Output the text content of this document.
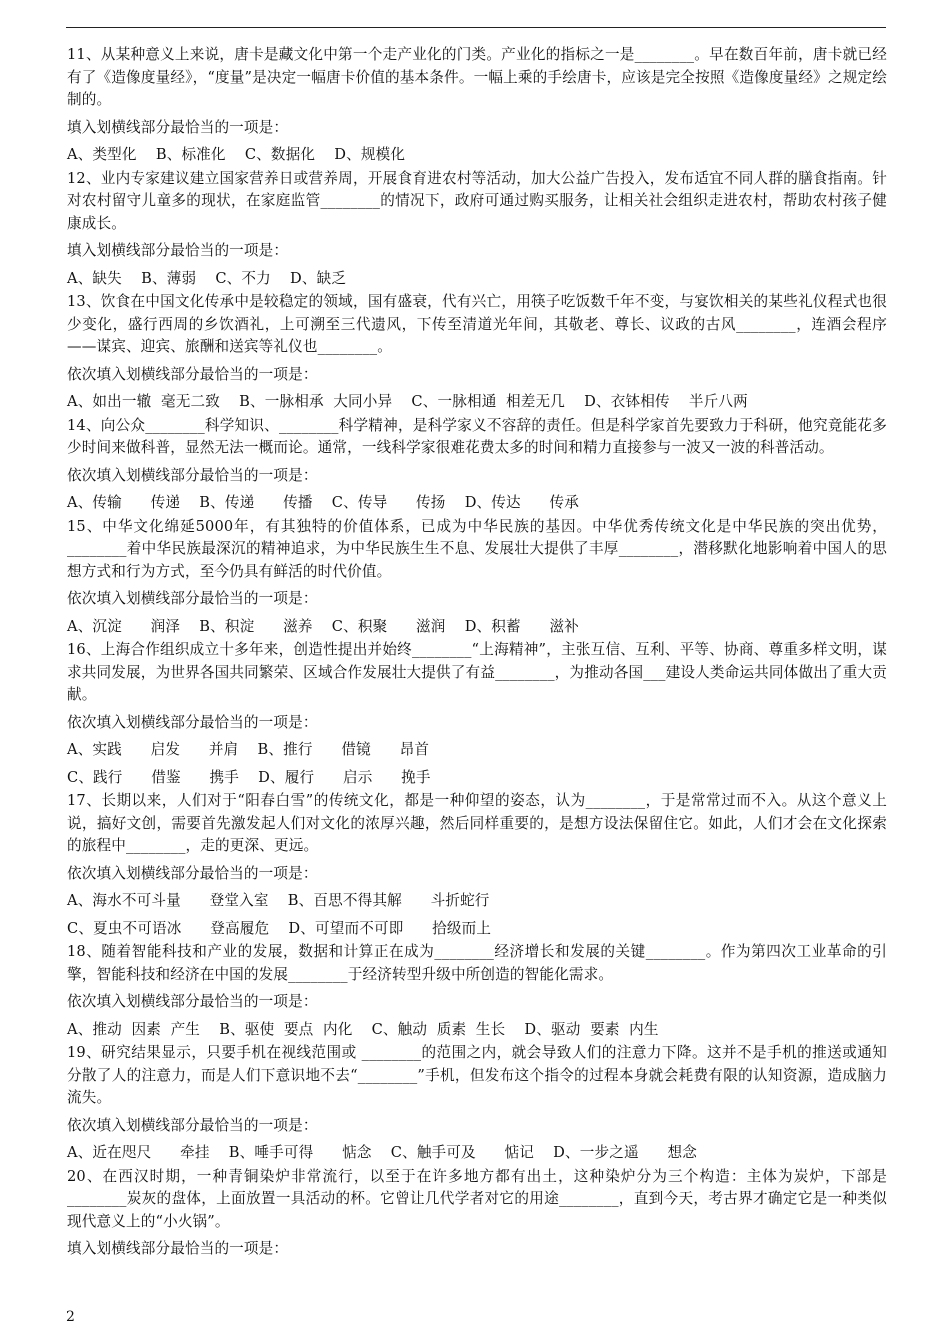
11、从某种意义上来说，唐卡是藏文化中第一个走产业化的门类。产业化的指标之一是________。早在数百年前，唐卡就已经有了《造像度量经》，“度量”是决定一幅唐卡价值的基本条件。一幅上乘的手绘唐卡，应该是完全按照《造像度量经》之规定绘制的。

填入划横线部分最恰当的一项是：

A、类型化    B、标准化    C、数据化    D、规模化

12、业内专家建议建立国家营养日或营养周，开展食育进农村等活动，加大公益广告投入，发布适宜不同人群的膳食指南。针对农村留守儿童多的现状，在家庭监管________的情况下，政府可通过购买服务，让相关社会组织走进农村，帮助农村孩子健康成长。

填入划横线部分最恰当的一项是：

A、缺失    B、薄弱    C、不力    D、缺乏

13、饮食在中国文化传承中是较稳定的领域，国有盛衰，代有兴亡，用筷子吃饭数千年不变，与宴饮相关的某些礼仪程式也很少变化，盛行西周的乡饮酒礼，上可溯至三代遗风，下传至清道光年间，其敬老、尊长、议政的古风________，连酒会程序——谋宾、迎宾、旅酬和送宾等礼仪也________。

依次填入划横线部分最恰当的一项是：

A、如出一辙  毫无二致    B、一脉相承  大同小异    C、一脉相通  相差无几    D、衣钵相传    半斤八两

14、向公众________科学知识、________科学精神，是科学家义不容辞的责任。但是科学家首先要致力于科研，他究竟能花多少时间来做科普，显然无法一概而论。通常，一线科学家很难花费太多的时间和精力直接参与一波又一波的科普活动。

依次填入划横线部分最恰当的一项是：

A、传输      传递    B、传递      传播    C、传导      传扬    D、传达      传承

15、中华文化绵延5000年，有其独特的价值体系，已成为中华民族的基因。中华优秀传统文化是中华民族的突出优势，________着中华民族最深沉的精神追求，为中华民族生生不息、发展壮大提供了丰厚________，潜移默化地影响着中国人的思想方式和行为方式，至今仍具有鲜活的时代价值。

依次填入划横线部分最恰当的一项是：

A、沉淀      润泽    B、积淀      滋养    C、积聚      滋润    D、积蓄      滋补

16、上海合作组织成立十多年来，创造性提出并始终________“上海精神”，主张互信、互利、平等、协商、尊重多样文明，谋求共同发展，为世界各国共同繁荣、区域合作发展壮大提供了有益________，为推动各国___建设人类命运共同体做出了重大贡献。

依次填入划横线部分最恰当的一项是：

A、实践      启发      并肩    B、推行      借镜      昂首

C、践行      借鉴      携手    D、履行      启示      挽手

17、长期以来，人们对于“阳春白雪”的传统文化，都是一种仰望的姿态，认为________，于是常常过而不入。从这个意义上说，搞好文创，需要首先激发起人们对文化的浓厚兴趣，然后同样重要的，是想方设法保留住它。如此，人们才会在文化探索的旅程中________，走的更深、更远。

依次填入划横线部分最恰当的一项是：

A、海水不可斗量      登堂入室    B、百思不得其解      斗折蛇行

C、夏虫不可语冰      登高履危    D、可望而不可即      拾级而上

18、随着智能科技和产业的发展，数据和计算正在成为________经济增长和发展的关键________。作为第四次工业革命的引擎，智能科技和经济在中国的发展________于经济转型升级中所创造的智能化需求。

依次填入划横线部分最恰当的一项是：

A、推动  因素  产生    B、驱使  要点  内化    C、触动  质素  生长    D、驱动  要素  内生

19、研究结果显示，只要手机在视线范围或 ________的范围之内，就会导致人们的注意力下降。这并不是手机的推送或通知分散了人的注意力，而是人们下意识地不去“________”手机，但发布这个指令的过程本身就会耗费有限的认知资源，造成脑力流失。

依次填入划横线部分最恰当的一项是：

A、近在咫尺      牵挂    B、唾手可得      惦念    C、触手可及      惦记    D、一步之遥      想念

20、在西汉时期，一种青铜染炉非常流行，以至于在许多地方都有出土，这种染炉分为三个构造：主体为炭炉，下部是________炭灰的盘体，上面放置一具活动的杯。它曾让几代学者对它的用途________，直到今天，考古界才确定它是一种类似现代意义上的“小火锅”。

填入划横线部分最恰当的一项是：

2
